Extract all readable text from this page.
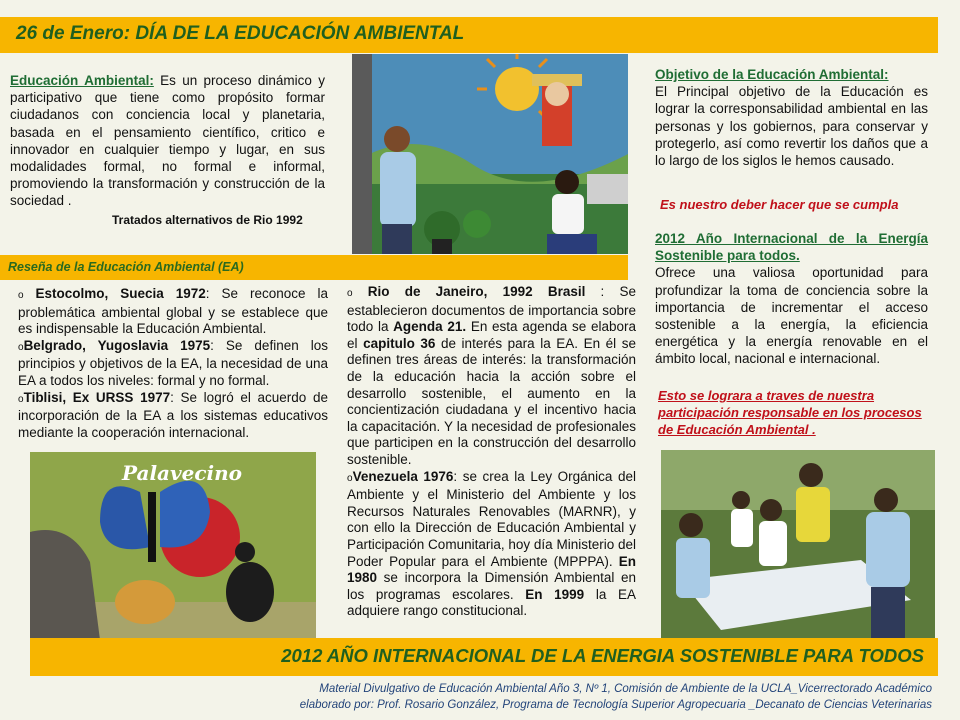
26 de Enero: DÍA DE LA EDUCACIÓN AMBIENTAL
Educación Ambiental: Es un proceso dinámico y participativo que tiene como propósito formar ciudadanos con conciencia local y planetaria, basada en el pensamiento científico, critico e innovador en cualquier tiempo y lugar, en sus modalidades formal, no formal e informal, promoviendo la transformación y construcción de la sociedad .
Tratados alternativos de Rio 1992
Objetivo de la Educación Ambiental:
El Principal objetivo de la Educación es lograr la corresponsabilidad ambiental en las personas y los gobiernos, para conservar y protegerlo, así como revertir los daños que a lo largo de los siglos le hemos causado.
Es nuestro deber hacer que se cumpla
2012 Año Internacional de la Energía Sostenible para todos.
Ofrece una valiosa oportunidad para profundizar la toma de conciencia sobre la importancia de incrementar el acceso sostenible a la energía, la eficiencia energética y la energía renovable en el ámbito local, nacional e internacional.
Esto se lograra a traves de nuestra participación responsable en los procesos de Educación Ambiental .
Reseña de la Educación Ambiental (EA)
o Estocolmo, Suecia 1972: Se reconoce la problemática ambiental global y se establece que es indispensable la Educación Ambiental.
oBelgrado, Yugoslavia 1975: Se definen los principios y objetivos de la EA, la necesidad de una EA a todos los niveles: formal y no formal.
oTiblisi, Ex URSS 1977: Se logró el acuerdo de incorporación de la EA a los sistemas educativos mediante la cooperación internacional.
o Rio de Janeiro, 1992 Brasil : Se establecieron documentos de importancia sobre todo la Agenda 21. En esta agenda se elabora el capitulo 36 de interés para la EA. En él se definen tres áreas de interés: la transformación de la educación hacia la acción sobre el desarrollo sostenible, el aumento en la concientización ciudadana y el incentivo hacia la capacitación. Y la necesidad de profesionales que participen en la construcción del desarrollo sostenible.
oVenezuela 1976: se crea la Ley Orgánica del Ambiente y el Ministerio del Ambiente y los Recursos Naturales Renovables (MARNR), y con ello la Dirección de Educación Ambiental y Participación Comunitaria, hoy día Ministerio del Poder Popular para el Ambiente (MPPPA). En 1980 se incorpora la Dimensión Ambiental en los programas escolares. En 1999 la EA adquiere rango constitucional.
Palavecino
2012 AÑO INTERNACIONAL DE LA ENERGIA SOSTENIBLE PARA TODOS
Material Divulgativo de Educación Ambiental Año 3, Nº 1, Comisión de Ambiente de la UCLA_Vicerrectorado Académico
elaborado por: Prof. Rosario González, Programa de Tecnología Superior Agropecuaria _Decanato de Ciencias Veterinarias
